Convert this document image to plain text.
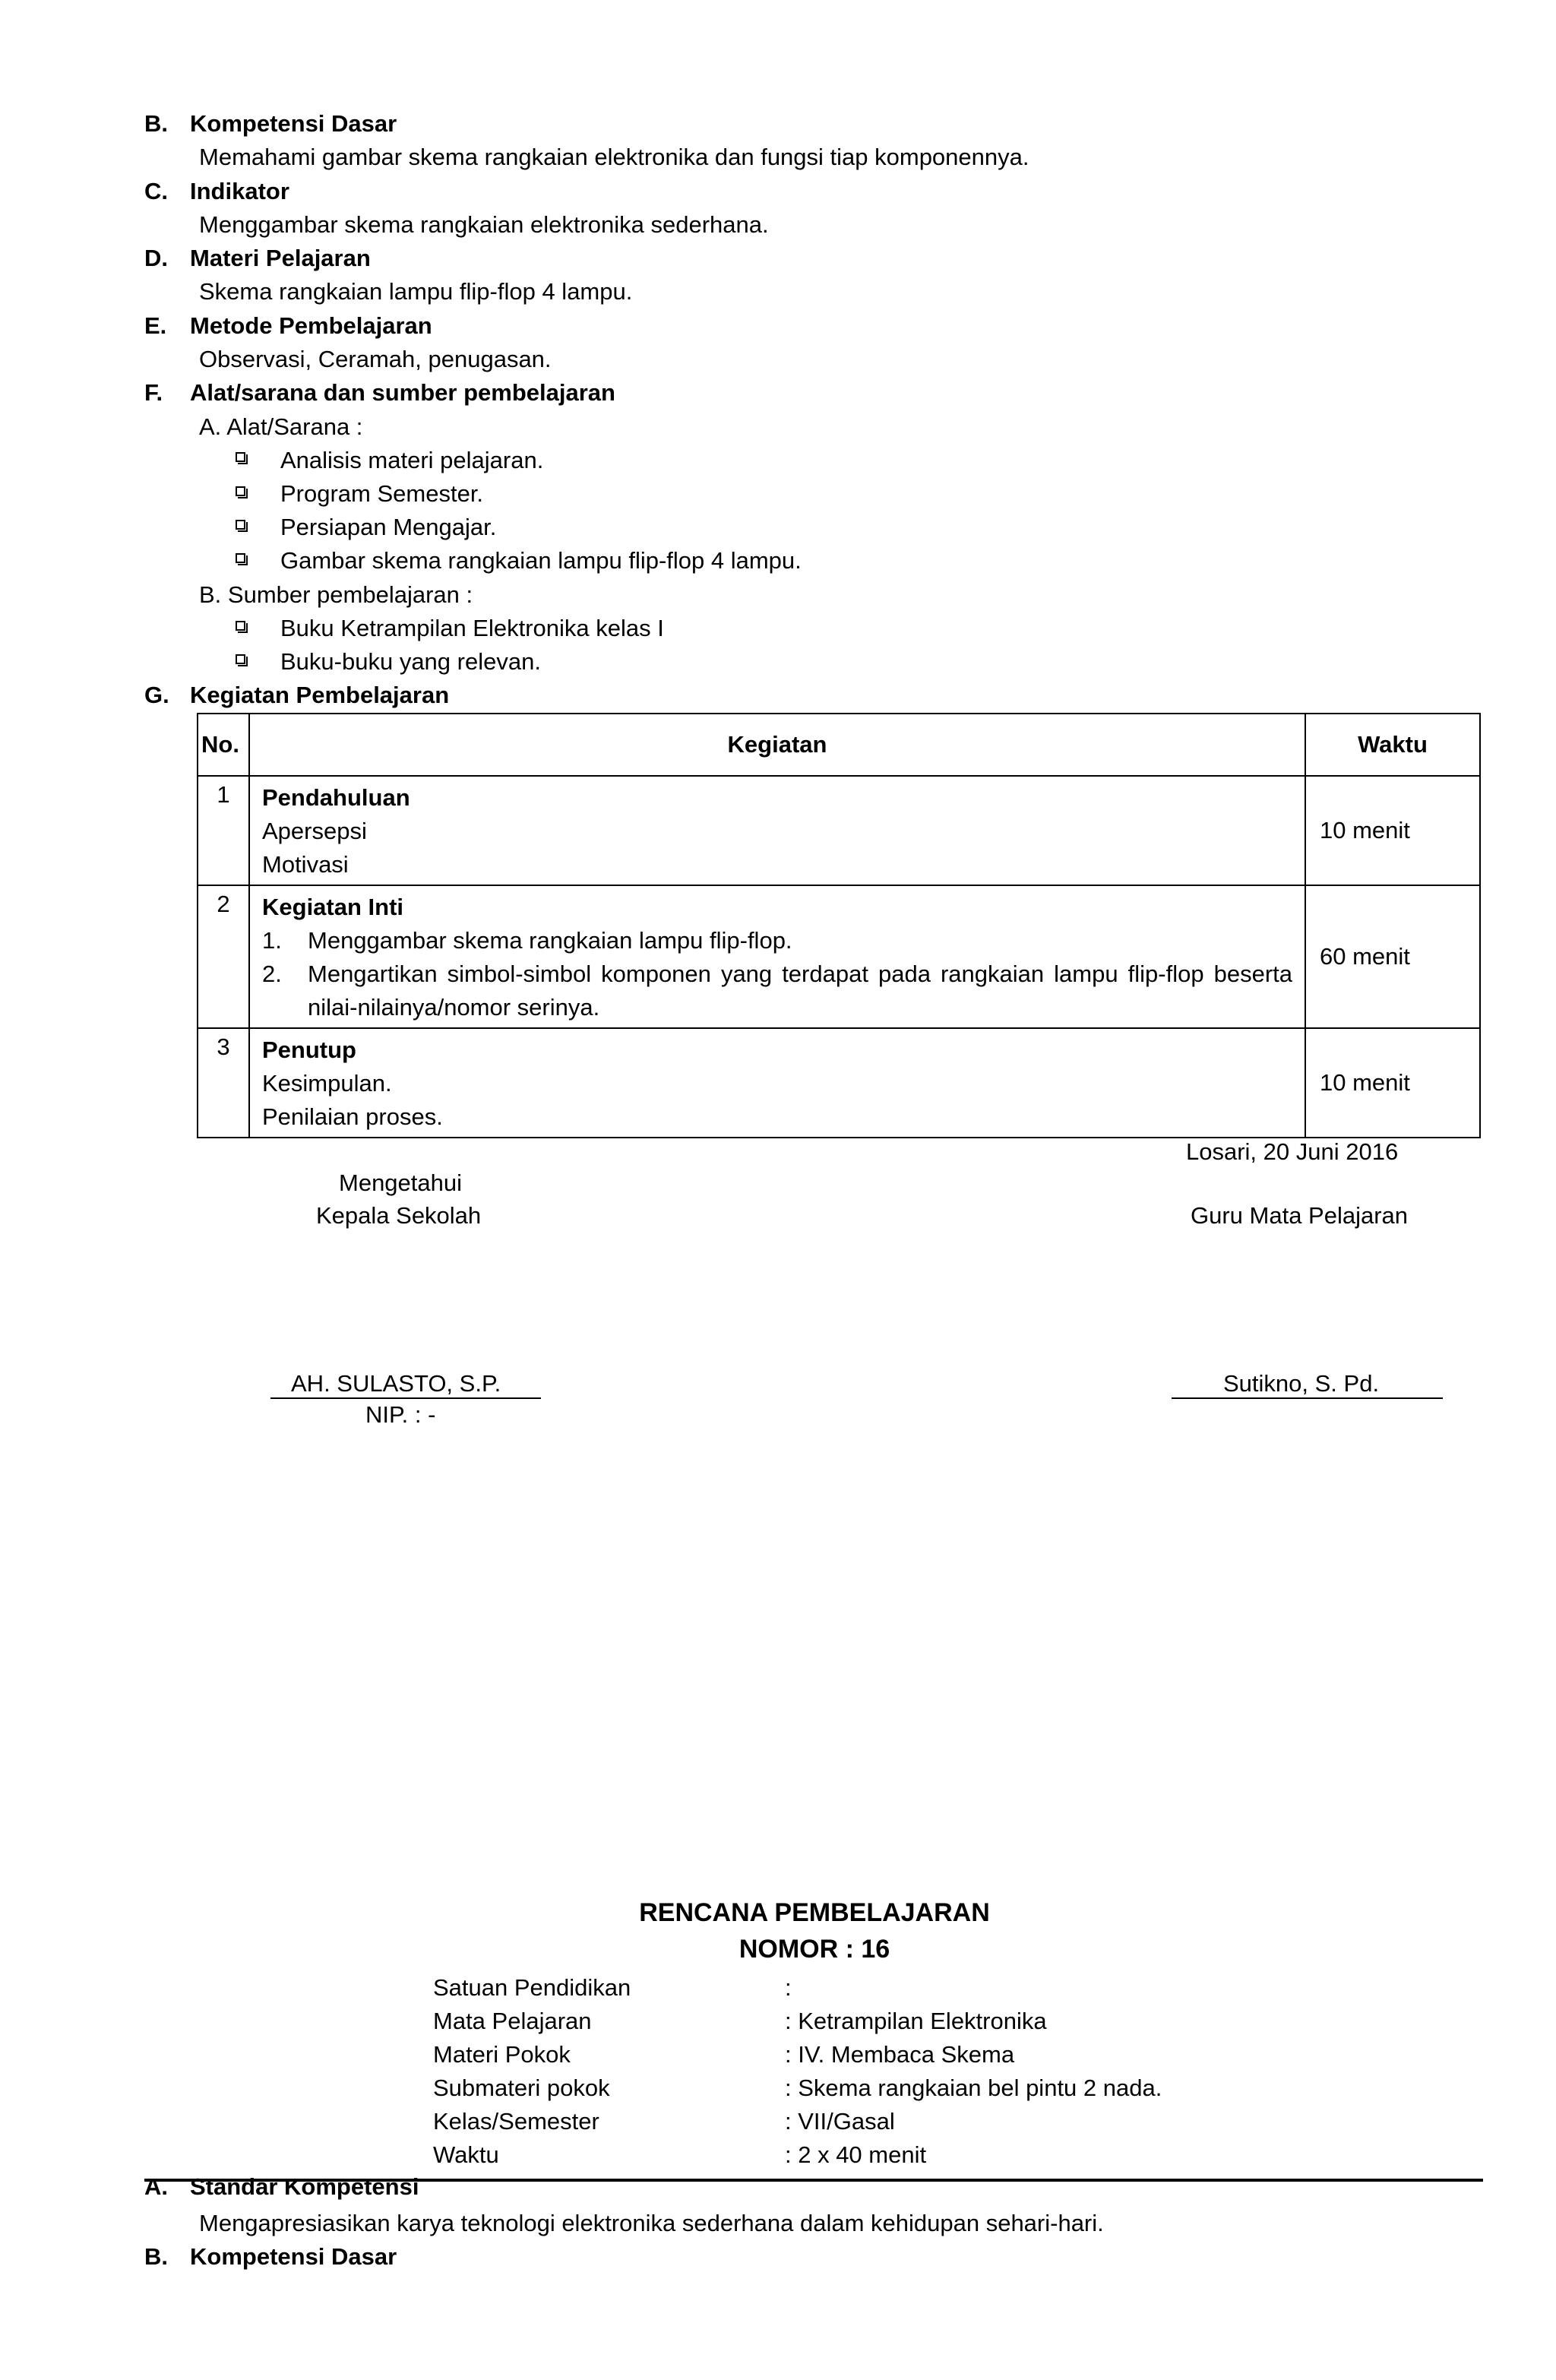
B. Kompetensi Dasar
Memahami gambar skema rangkaian elektronika dan fungsi tiap komponennya.
C. Indikator
Menggambar skema rangkaian elektronika sederhana.
D. Materi Pelajaran
Skema rangkaian lampu flip-flop 4 lampu.
E. Metode Pembelajaran
Observasi, Ceramah, penugasan.
F. Alat/sarana dan sumber pembelajaran
A. Alat/Sarana :
Analisis materi pelajaran.
Program Semester.
Persiapan Mengajar.
Gambar skema rangkaian lampu flip-flop 4 lampu.
B. Sumber pembelajaran :
Buku Ketrampilan Elektronika kelas I
Buku-buku yang relevan.
G. Kegiatan Pembelajaran
No.	Kegiatan	Waktu
1	Pendahuluan
Apersepsi
Motivasi	10 menit
2	Kegiatan Inti
1. Menggambar skema rangkaian lampu flip-flop.
2. Mengartikan simbol-simbol komponen yang terdapat pada rangkaian lampu flip-flop beserta nilai-nilainya/nomor serinya.	60 menit
3	Penutup
Kesimpulan.
Penilaian proses.	10 menit
Losari, 20 Juni 2016
Mengetahui
Kepala Sekolah	Guru Mata Pelajaran
AH. SULASTO, S.P.
NIP. : -
Sutikno, S. Pd.
RENCANA PEMBELAJARAN
NOMOR : 16
Satuan Pendidikan	:
Mata Pelajaran	: Ketrampilan Elektronika
Materi Pokok	: IV. Membaca Skema
Submateri pokok	: Skema rangkaian bel pintu 2 nada.
Kelas/Semester	: VII/Gasal
Waktu	: 2 x 40 menit
A. Standar Kompetensi
Mengapresiasikan karya teknologi elektronika sederhana dalam kehidupan sehari-hari.
B. Kompetensi Dasar
